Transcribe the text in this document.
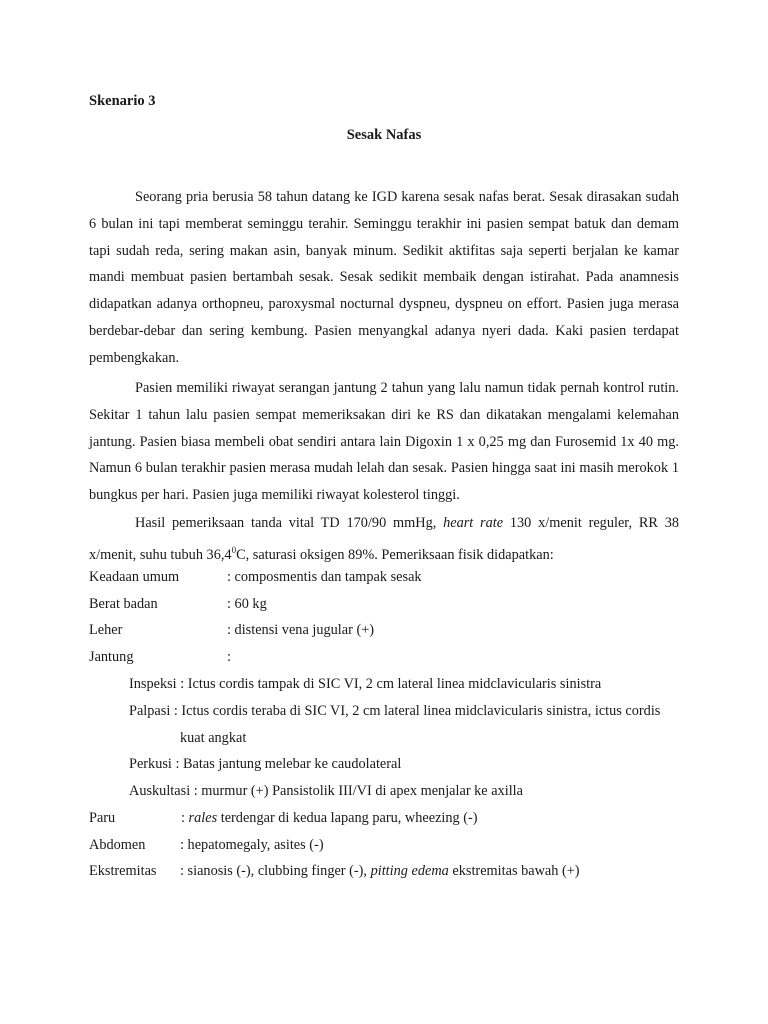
Skenario 3
Sesak Nafas

Seorang pria berusia 58 tahun datang ke IGD karena sesak nafas berat. Sesak dirasakan sudah 6 bulan ini tapi memberat seminggu terahir. Seminggu terakhir ini pasien sempat batuk dan demam tapi sudah reda, sering makan asin, banyak minum. Sedikit aktifitas saja seperti berjalan ke kamar mandi membuat pasien bertambah sesak. Sesak sedikit membaik dengan istirahat. Pada anamnesis didapatkan adanya orthopneu, paroxysmal nocturnal dyspneu, dyspneu on effort. Pasien juga merasa berdebar-debar dan sering kembung. Pasien menyangkal adanya nyeri dada. Kaki pasien terdapat pembengkakan.

Pasien memiliki riwayat serangan jantung 2 tahun yang lalu namun tidak pernah kontrol rutin. Sekitar 1 tahun lalu pasien sempat memeriksakan diri ke RS dan dikatakan mengalami kelemahan jantung. Pasien biasa membeli obat sendiri antara lain Digoxin 1 x 0,25 mg dan Furosemid 1x 40 mg. Namun 6 bulan terakhir pasien merasa mudah lelah dan sesak. Pasien hingga saat ini masih merokok 1 bungkus per hari. Pasien juga memiliki riwayat kolesterol tinggi.

Hasil pemeriksaan tanda vital TD 170/90 mmHg, heart rate 130 x/menit reguler, RR 38 x/menit, suhu tubuh 36,4$^0$C, saturasi oksigen 89%. Pemeriksaan fisik didapatkan:

Keadaan umum	: composmentis dan tampak sesak
Berat badan	: 60 kg
Leher	: distensi vena jugular (+)
Jantung	:
Inspeksi : Ictus cordis tampak di SIC VI, 2 cm lateral linea midclavicularis sinistra
Palpasi : Ictus cordis teraba di SIC VI, 2 cm lateral linea midclavicularis sinistra, ictus cordis
kuat angkat
Perkusi : Batas jantung melebar ke caudolateral
Auskultasi : murmur (+) Pansistolik III/VI di apex menjalar ke axilla
Paru	: rales terdengar di kedua lapang paru, wheezing (-)
Abdomen : hepatomegaly, asites (-)
Ekstremitas : sianosis (-), clubbing finger (-), pitting edema ekstremitas bawah (+)
